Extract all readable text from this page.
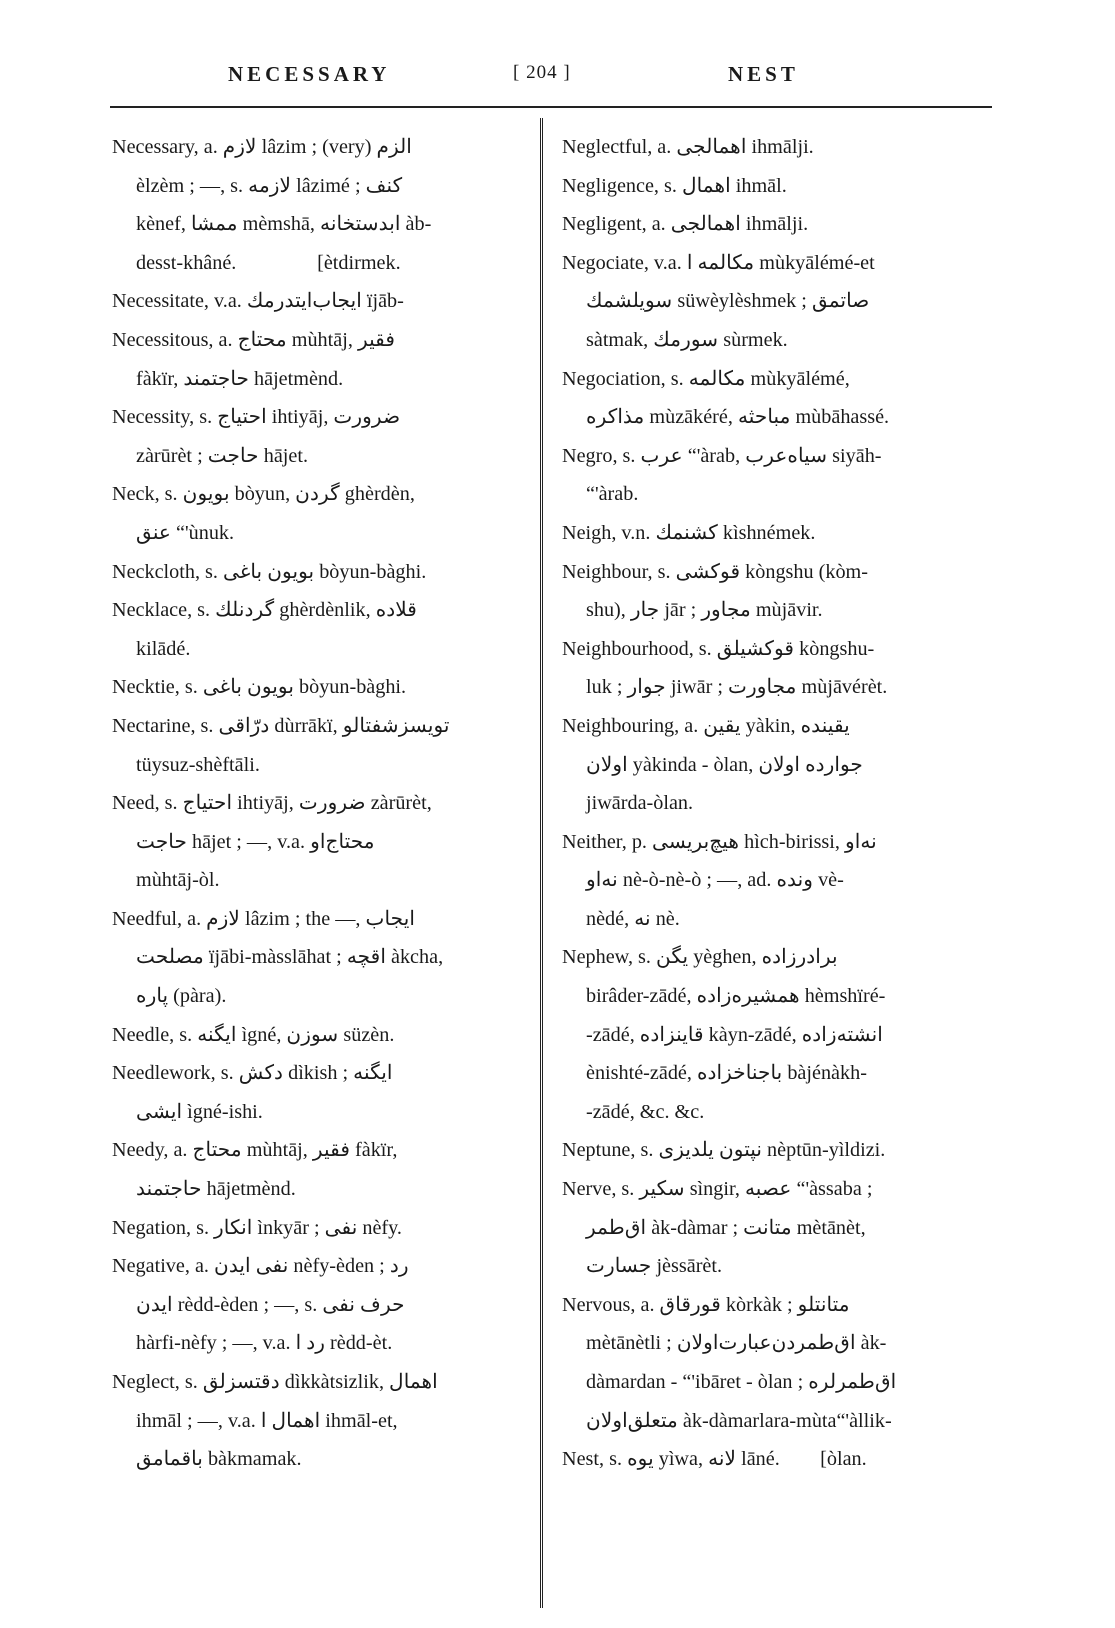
NECESSARY	[ 204 ]	NEST
Necessary, a. لازم lâzim ; (very) الزم
èlzèm ; —, s. لازمه lâzimé ; كنف
kènef, ممشا mèmshā, ابدستخانه àb-
desst-khâné.                [ètdirmek.
Necessitate, v.a. ايجاب‌ايتدرمك ïjāb-
Necessitous, a. محتاج mùhtāj, فقير
fàkïr, حاجتمند hājetmènd.
Necessity, s. احتياج ihtiyāj, ضرورت
zàrūrèt ; حاجت hājet.
Neck, s. بويون bòyun, گردن ghèrdèn,
عنق “'ùnuk.
Neckcloth, s. بويون باغى bòyun-bàghi.
Necklace, s. گردنلك ghèrdènlik, قلاده
kilādé.
Necktie, s. بويون باغى bòyun-bàghi.
Nectarine, s. درّاقى dùrrākï, تويسزشفتالو
tüysuz-shèftāli.
Need, s. احتياج ihtiyāj, ضرورت zàrūrèt,
حاجت hājet ; —, v.a. محتاج‌او
mùhtāj-òl.
Needful, a. لازم lâzim ; the —, ايجاب
مصلحت ïjābi-màsslāhat ; اقچه àkcha,
پاره (pàra).
Needle, s. ايگنه ìgné, سوزن süzèn.
Needlework, s. دكش dìkish ; ايگنه
ايشى ìgné-ishi.
Needy, a. محتاج mùhtāj, فقير fàkïr,
حاجتمند hājetmènd.
Negation, s. انكار ìnkyār ; نفى nèfy.
Negative, a. نفى ايدن nèfy-èden ; رد
ايدن rèdd-èden ; —, s. حرف نفى
hàrfi-nèfy ; —, v.a. رد ا rèdd-èt.
Neglect, s. دقتسزلق dìkkàtsizlik, اهمال
ihmāl ; —, v.a. اهمال ا ihmāl-et,
باقمامق bàkmamak.
Neglectful, a. اهمالجى ihmālji.
Negligence, s. اهمال ihmāl.
Negligent, a. اهمالجى ihmālji.
Negociate, v.a. مكالمه ا mùkyālémé-et
سويلشمك süwèylèshmek ; صاتمق
sàtmak, سورمك sùrmek.
Negociation, s. مكالمه mùkyālémé,
مذاكره mùzākéré, مباحثه mùbāhassé.
Negro, s. عرب “'àrab, سياه‌عرب siyāh-
“'àrab.
Neigh, v.n. كشنمك kìshnémek.
Neighbour, s. قوكشى kòngshu (kòm-
shu), جار jār ; مجاور mùjāvir.
Neighbourhood, s. قوكشيلق kòngshu-
luk ; جوار jiwār ; مجاورت mùjāvérèt.
Neighbouring, a. يقين yàkin, يقينده
اولان yàkinda - òlan, جوارده اولان
jiwārda-òlan.
Neither, p. هيچ‌بريسى hìch-birissi, نه‌او
نه‌او nè-ò-nè-ò ; —, ad. ونده vè-
nèdé, نه nè.
Nephew, s. يگن yèghen, برادرزاده
birâder-zādé, همشيره‌زاده hèmshïré-
-zādé, قاينزاده kàyn-zādé, انشته‌زاده
ènishté-zādé, باجناخزاده bàjénàkh-
-zādé, &c. &c.
Neptune, s. نپتون يلديزى nèptūn-yìldizi.
Nerve, s. سكير sìngir, عصبه “'àssaba ;
اق‌طمر àk-dàmar ; متانت mètānèt,
جسارت jèssārèt.
Nervous, a. قورقاق kòrkàk ; متانتلو
mètānètli ; اق‌طمردن‌عبارت‌اولان àk-
dàmardan - “'ibāret - òlan ; اق‌طمرلره
متعلق‌اولان àk-dàmarlara-mùta“'àllik-
Nest, s. يوه yìwa, لانه lāné.        [òlan.
